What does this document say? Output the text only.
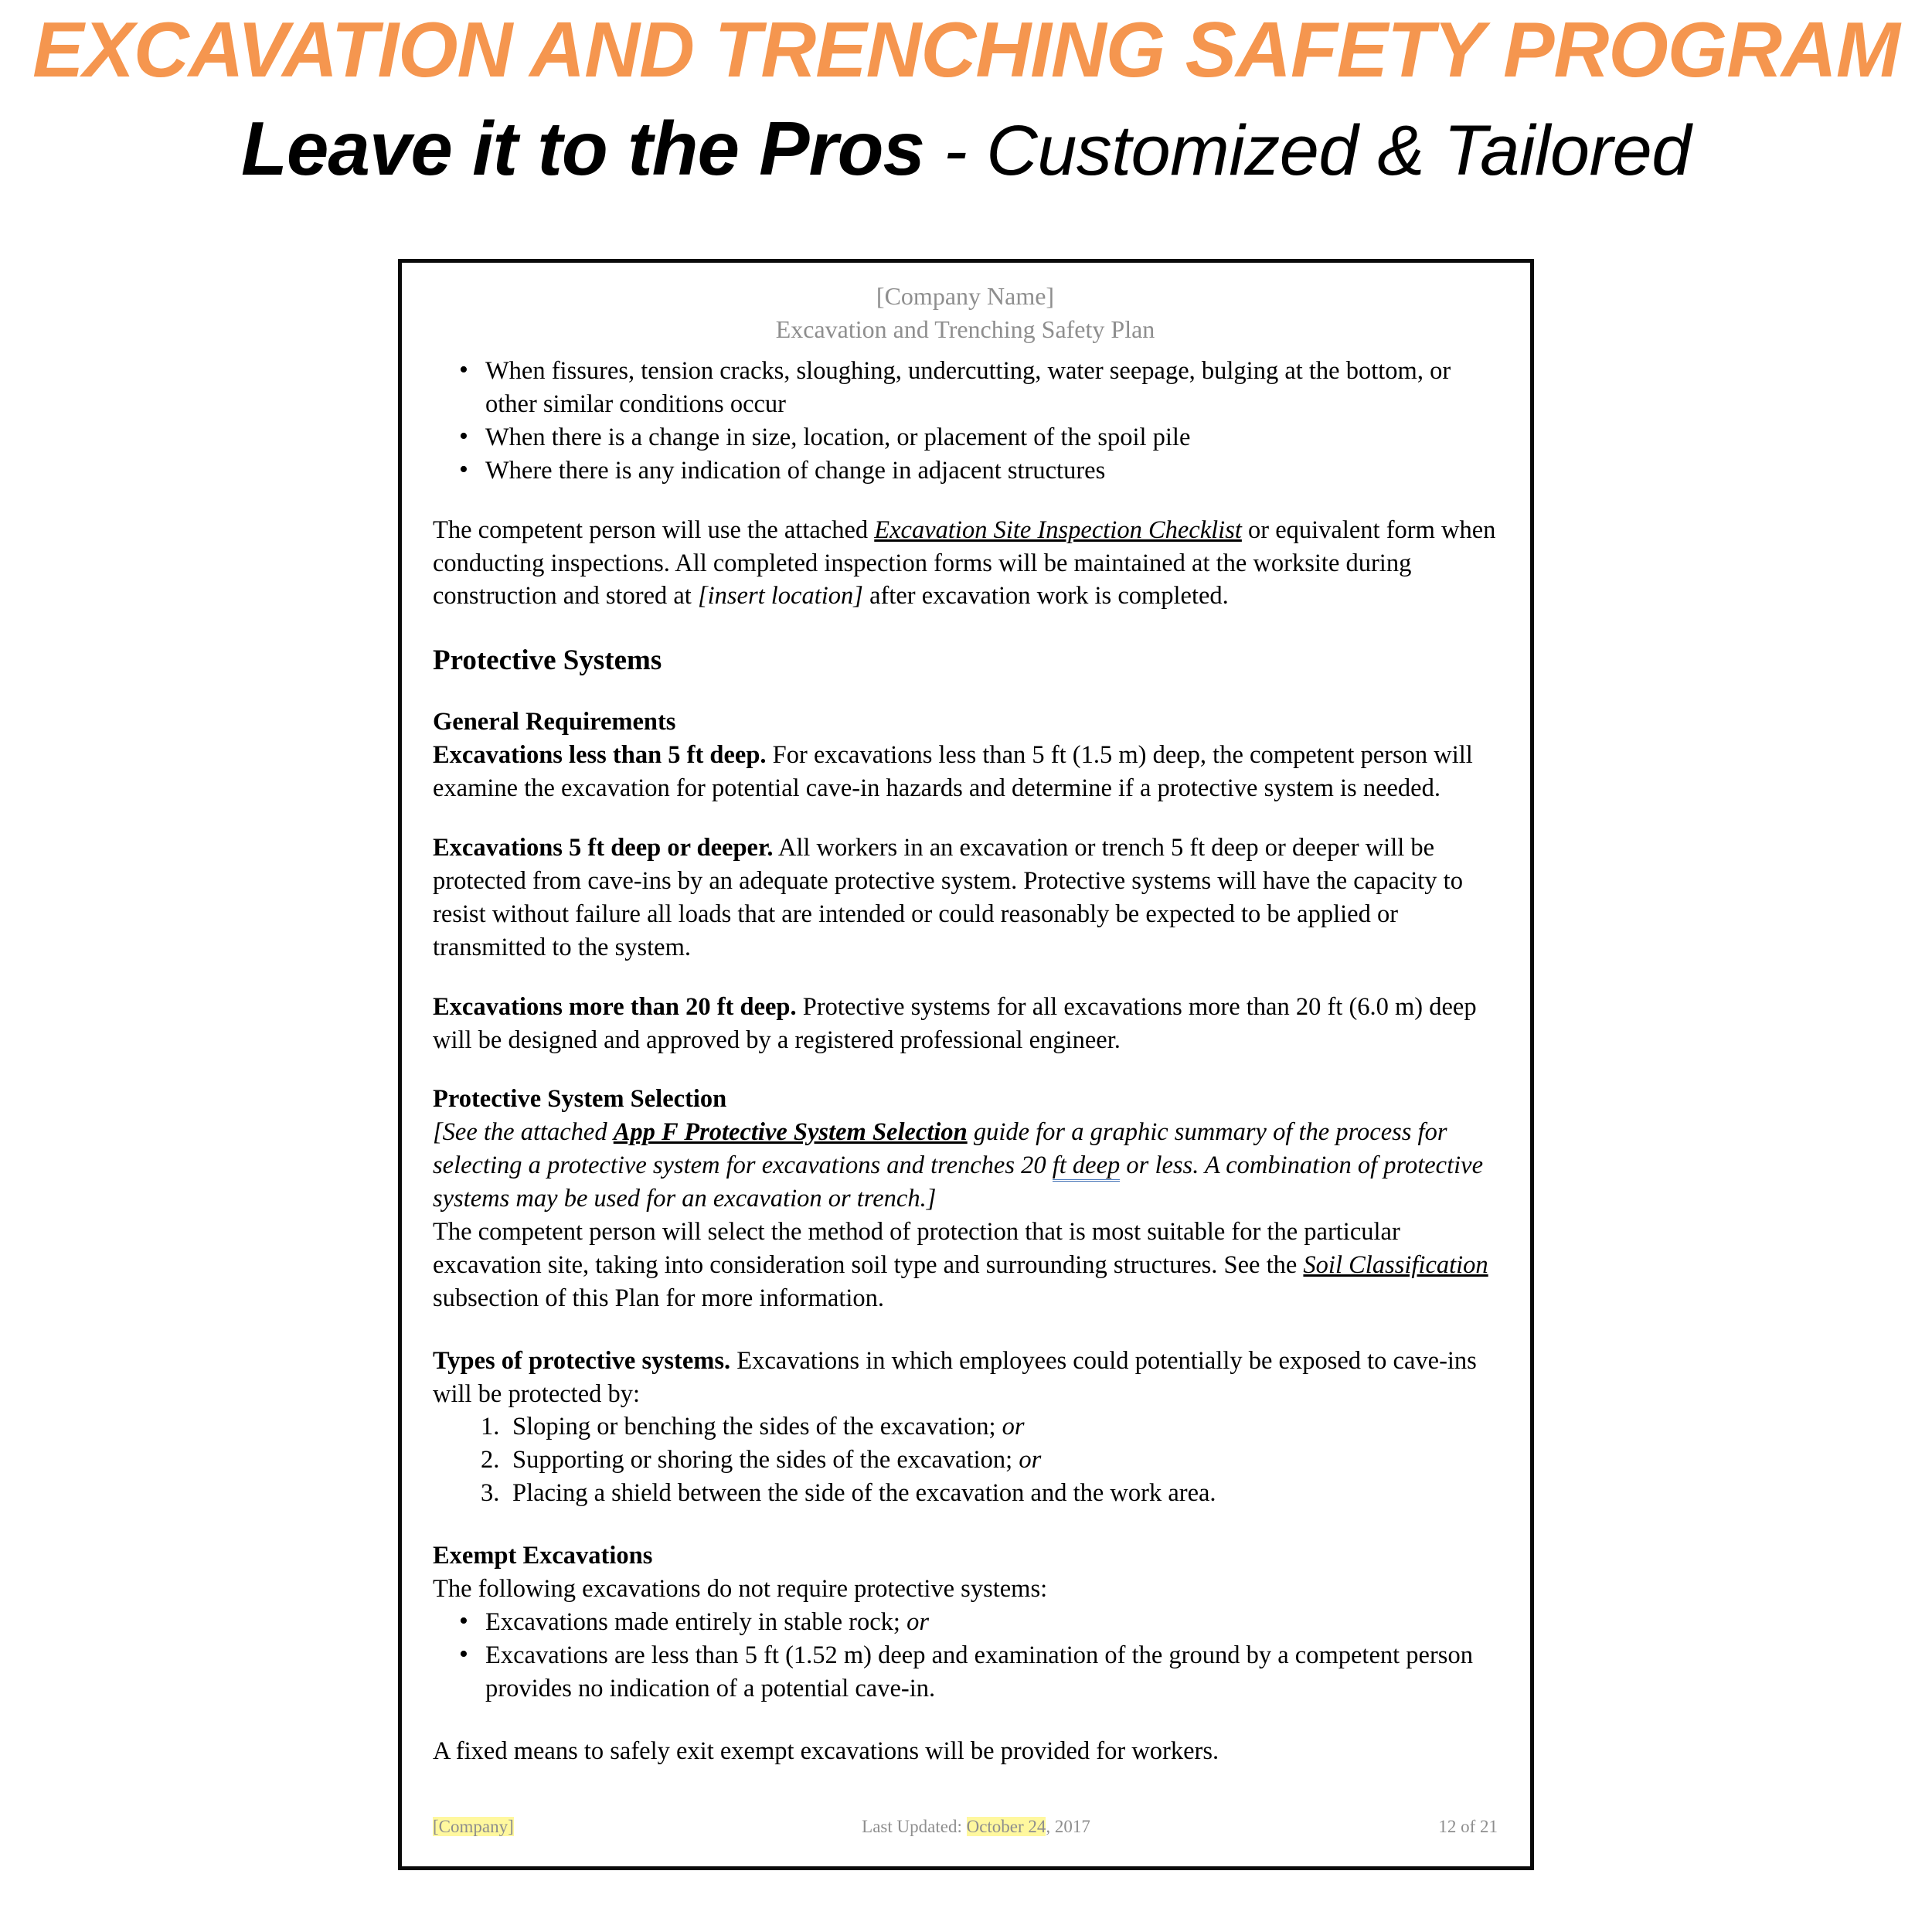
EXCAVATION AND TRENCHING SAFETY PROGRAM
Leave it to the Pros - Customized & Tailored
[Company Name]
Excavation and Trenching Safety Plan
• When fissures, tension cracks, sloughing, undercutting, water seepage, bulging at the bottom, or other similar conditions occur
• When there is a change in size, location, or placement of the spoil pile
• Where there is any indication of change in adjacent structures

The competent person will use the attached Excavation Site Inspection Checklist or equivalent form when conducting inspections. All completed inspection forms will be maintained at the worksite during construction and stored at [insert location] after excavation work is completed.

Protective Systems
General Requirements

Excavations less than 5 ft deep. For excavations less than 5 ft (1.5 m) deep, the competent person will examine the excavation for potential cave-in hazards and determine if a protective system is needed.

Excavations 5 ft deep or deeper. All workers in an excavation or trench 5 ft deep or deeper will be protected from cave-ins by an adequate protective system. Protective systems will have the capacity to resist without failure all loads that are intended or could reasonably be expected to be applied or transmitted to the system.

Excavations more than 20 ft deep. Protective systems for all excavations more than 20 ft (6.0 m) deep will be designed and approved by a registered professional engineer.

Protective System Selection

[See the attached App F Protective System Selection guide for a graphic summary of the process for selecting a protective system for excavations and trenches 20 ft deep or less. A combination of protective systems may be used for an excavation or trench.]

The competent person will select the method of protection that is most suitable for the particular excavation site, taking into consideration soil type and surrounding structures. See the Soil Classification subsection of this Plan for more information.

Types of protective systems. Excavations in which employees could potentially be exposed to cave-ins will be protected by:

Sloping or benching the sides of the excavation; or
Supporting or shoring the sides of the excavation; or
Placing a shield between the side of the excavation and the work area.
Exempt Excavations

The following excavations do not require protective systems:

• Excavations made entirely in stable rock; or
• Excavations are less than 5 ft (1.52 m) deep and examination of the ground by a competent person provides no indication of a potential cave-in.

A fixed means to safely exit exempt excavations will be provided for workers.

[Company]	Last Updated: October 24, 2017	12 of 21
